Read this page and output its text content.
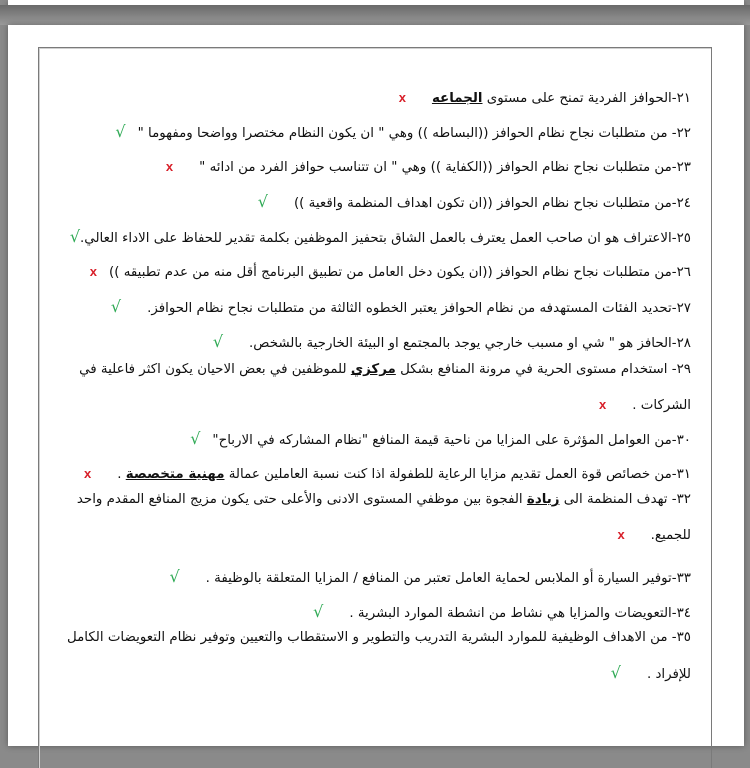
٢١-الحوافز الفردية تمنح على مستوى الجماعهx
٢٢- من متطلبات نجاح نظام الحوافز ((البساطه )) وهي " ان يكون النظام مختصرا وواضحا ومفهوما "√
٢٣-من متطلبات نجاح نظام الحوافز ((الكفاية )) وهي " ان تتناسب حوافز الفرد من ادائه "x
٢٤-من متطلبات نجاح نظام الحوافز ((ان تكون اهداف المنظمة واقعية ))√
٢٥-الاعتراف هو ان صاحب العمل يعترف بالعمل الشاق بتحفيز الموظفين بكلمة تقدير للحفاظ على الاداء العالي.√
٢٦-من متطلبات نجاح نظام الحوافز ((ان يكون دخل العامل من تطبيق البرنامج أقل منه من عدم تطبيقه ))x
٢٧-تحديد الفئات المستهدفه من نظام الحوافز يعتبر الخطوه الثالثة من متطلبات نجاح نظام الحوافز.√
٢٨-الحافز هو " شي او مسبب خارجي يوجد بالمجتمع او البيئة الخارجية بالشخص.√
٢٩- استخدام مستوى الحرية في مرونة المنافع بشكل مركزي للموظفين في بعض الاحيان يكون اكثر فاعلية في الشركات .x
٣٠-من العوامل المؤثرة على المزايا من ناحية قيمة المنافع "نظام المشاركه في الارباح"√
٣١-من خصائص قوة العمل تقديم مزايا الرعاية للطفولة اذا كنت نسبة العاملين عمالة مهنية متخصصة .x
٣٢- تهدف المنظمة الى زيادة الفجوة بين موظفي المستوى الادنى والأعلى حتى يكون مزيج المنافع المقدم واحد للجميع.x
٣٣-توفير السيارة أو الملابس لحماية العامل تعتبر من المنافع / المزايا المتعلقة بالوظيفة .√
٣٤-التعويضات والمزايا هي نشاط من انشطة الموارد البشرية .√
٣٥- من الاهداف الوظيفية للموارد البشرية التدريب والتطوير و الاستقطاب والتعيين وتوفير نظام التعويضات الكامل للإفراد .√
